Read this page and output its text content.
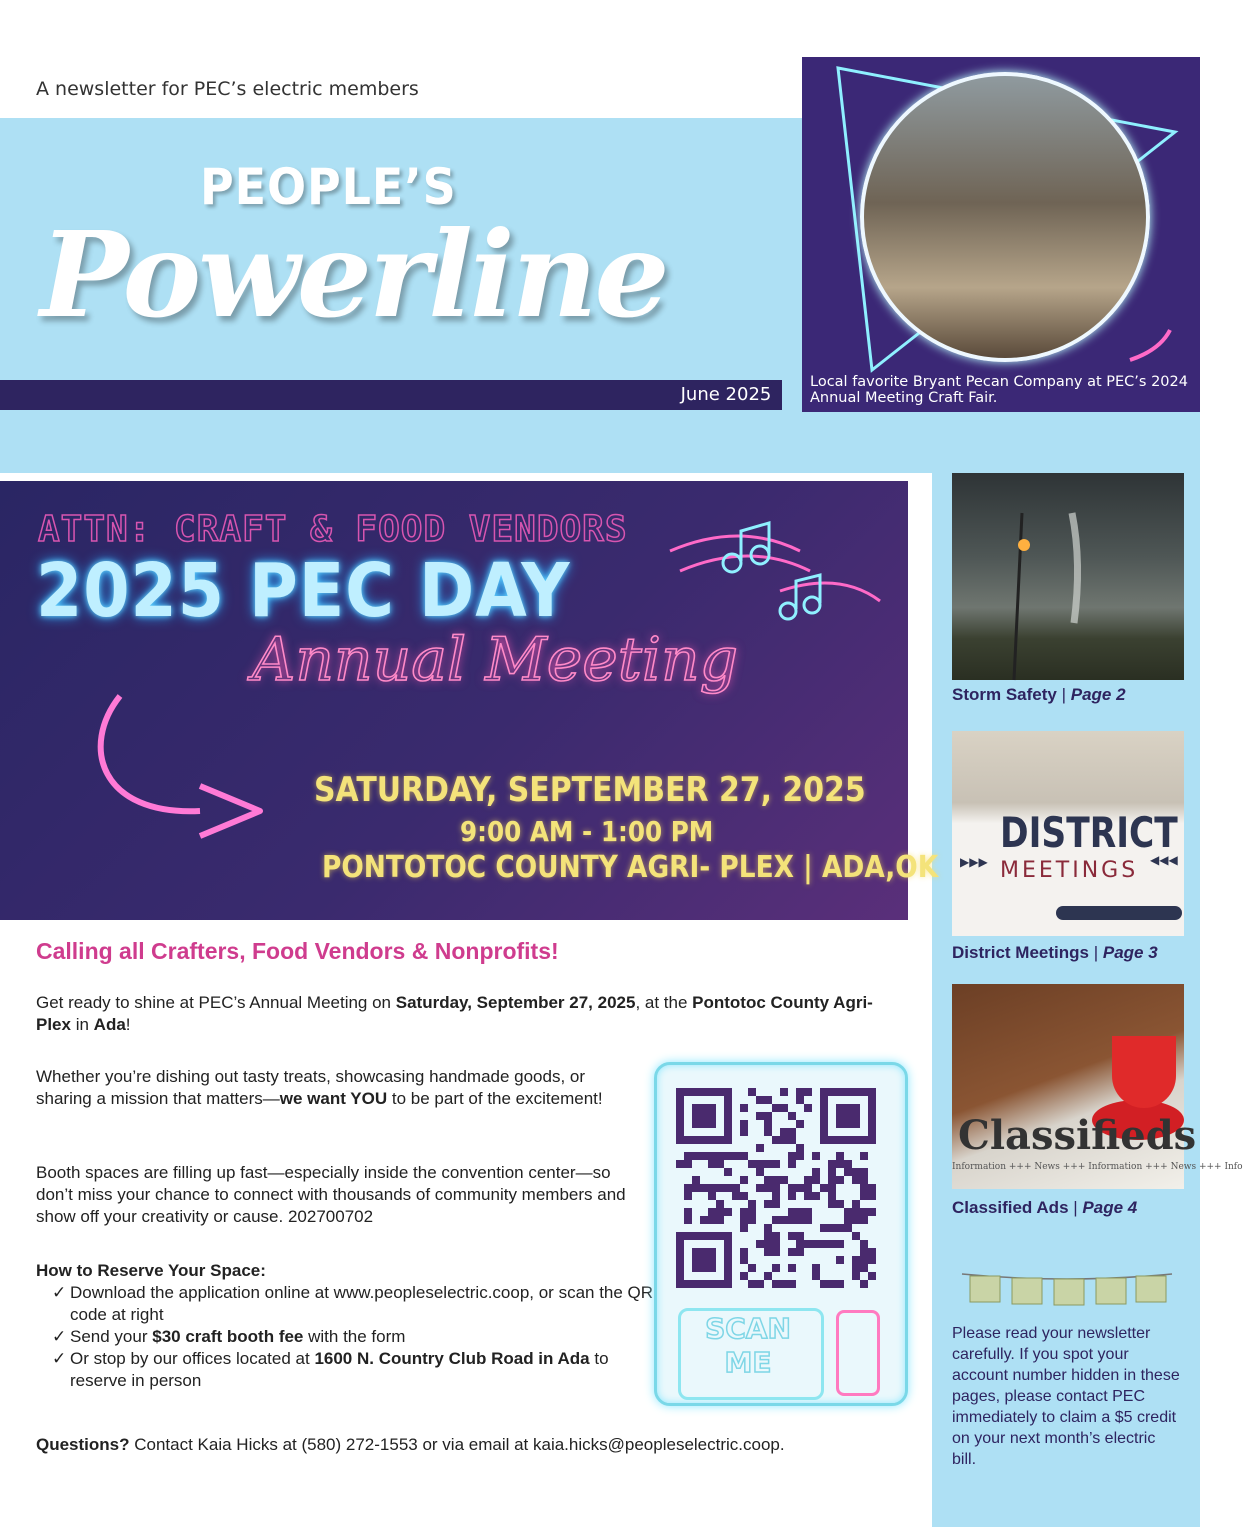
A newsletter for PEC’s electric members
PEOPLE’S
Powerline
June 2025
Local favorite Bryant Pecan Company at PEC’s 2024 Annual Meeting Craft Fair.
ATTN: CRAFT & FOOD VENDORS
2025 PEC DAY
Annual Meeting
SATURDAY, SEPTEMBER 27, 2025
9:00 AM - 1:00 PM
PONTOTOC COUNTY AGRI- PLEX | ADA,OK
Calling all Crafters, Food Vendors & Nonprofits!
Get ready to shine at PEC’s Annual Meeting on Saturday, September 27, 2025, at the Pontotoc County Agri-Plex in Ada!
Whether you’re dishing out tasty treats, showcasing handmade goods, or sharing a mission that matters—we want YOU to be part of the excitement!
Booth spaces are filling up fast—especially inside the convention center—so don’t miss your chance to connect with thousands of community members and show off your creativity or cause. 202700702
How to Reserve Your Space:
✓ Download the application online at www.peopleselectric.coop, or scan the QR code at right
✓ Send your $30 craft booth fee with the form
✓ Or stop by our offices located at 1600 N. Country Club Road in Ada to reserve in person
Questions? Contact Kaia Hicks at (580) 272-1553 or via email at kaia.hicks@peopleselectric.coop.
SCAN
ME
Storm Safety | Page 2
DISTRICT
MEETINGS
▶▶▶	◀◀◀
District Meetings | Page 3
Classifieds
Information +++ News +++ Information +++ News +++ Info
Classified Ads | Page 4
Please read your newsletter carefully. If you spot your account number hidden in these pages, please contact PEC immediately to claim a $5 credit on your next month’s electric bill.
